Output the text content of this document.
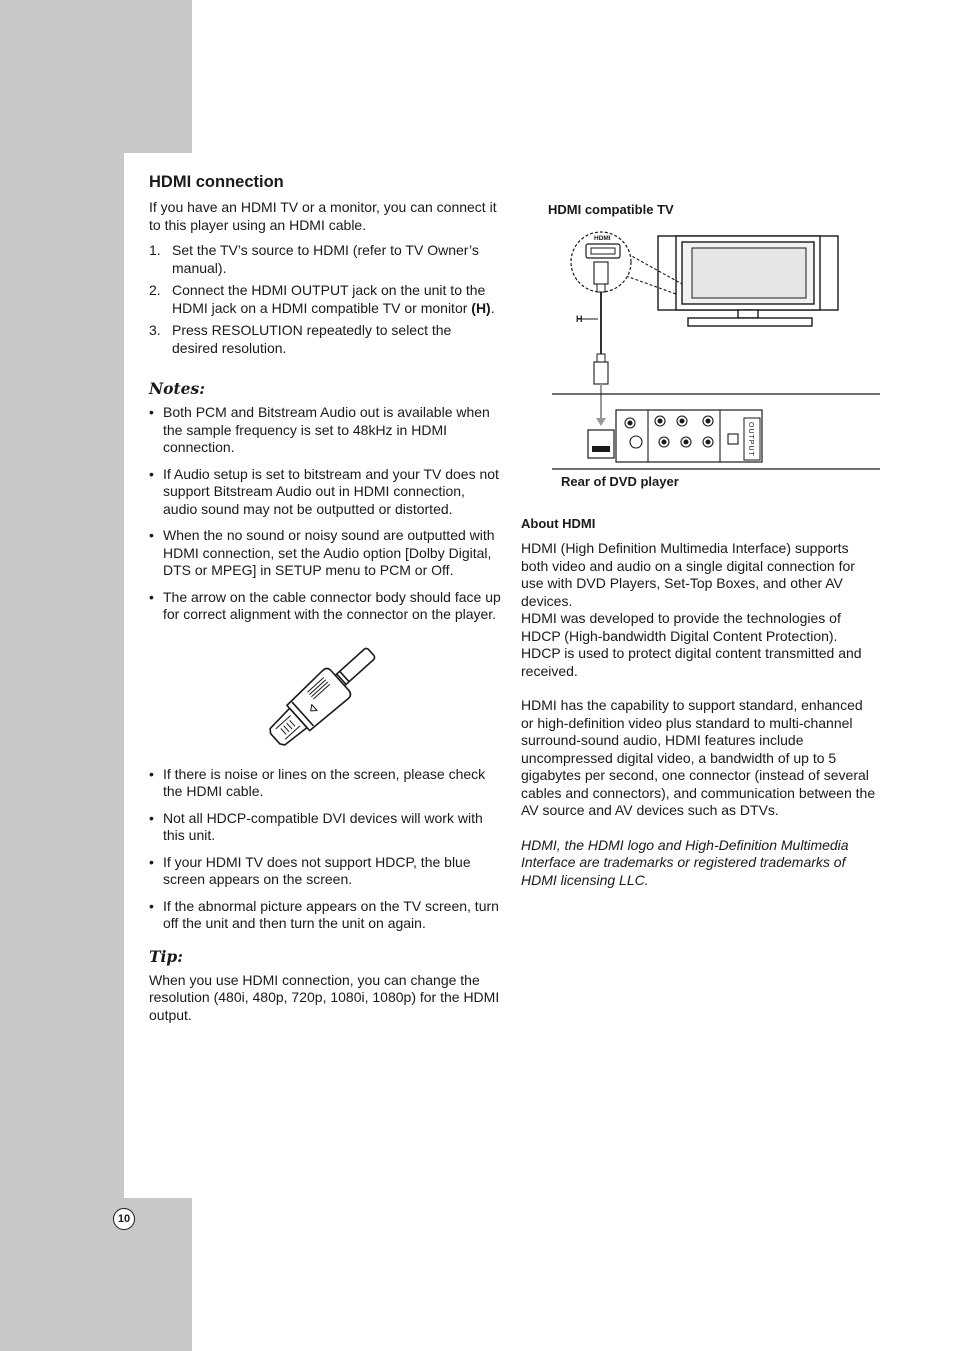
10
HDMI connection

If you have an HDMI TV or a monitor, you can connect it to this player using an HDMI cable.

1. Set the TV’s source to HDMI (refer to TV Owner’s manual).
2. Connect the HDMI OUTPUT jack on the unit to the HDMI jack on a HDMI compatible TV or monitor (H).
3. Press RESOLUTION repeatedly to select the desired resolution.
Notes:
• Both PCM and Bitstream Audio out is available when the sample frequency is set to 48kHz in HDMI connection.
• If Audio setup is set to bitstream and your TV does not support Bitstream Audio out in HDMI connection, audio sound may not be outputted or distorted.
• When the no sound or noisy sound are outputted with HDMI connection, set the Audio option [Dolby Digital, DTS or MPEG] in SETUP menu to PCM or Off.
• The arrow on the cable connector body should face up for correct alignment with the connector on the player.
• If there is noise or lines on the screen, please check the HDMI cable.
• Not all HDCP-compatible DVI devices will work with this unit.
• If your HDMI TV does not support HDCP, the blue screen appears on the screen.
• If the abnormal picture appears on the TV screen, turn off the unit and then turn the unit on again.
Tip:

When you use HDMI connection, you can change the resolution (480i, 480p, 720p, 1080i, 1080p) for the HDMI output.

HDMI compatible TV
H
Rear of DVD player
HDMI
OUTPUT
About HDMI

HDMI (High Definition Multimedia Interface) supports both video and audio on a single digital connection for use with DVD Players, Set-Top Boxes, and other AV devices.

HDMI was developed to provide the technologies of HDCP (High-bandwidth Digital Content Protection). HDCP is used to protect digital content transmitted and received.

HDMI has the capability to support standard, enhanced or high-definition video plus standard to multi-channel surround-sound audio, HDMI features include uncompressed digital video, a bandwidth of up to 5 gigabytes per second, one connector (instead of several cables and connectors), and communication between the AV source and AV devices such as DTVs.

HDMI, the HDMI logo and High-Definition Multimedia Interface are trademarks or registered trademarks of HDMI licensing LLC.
